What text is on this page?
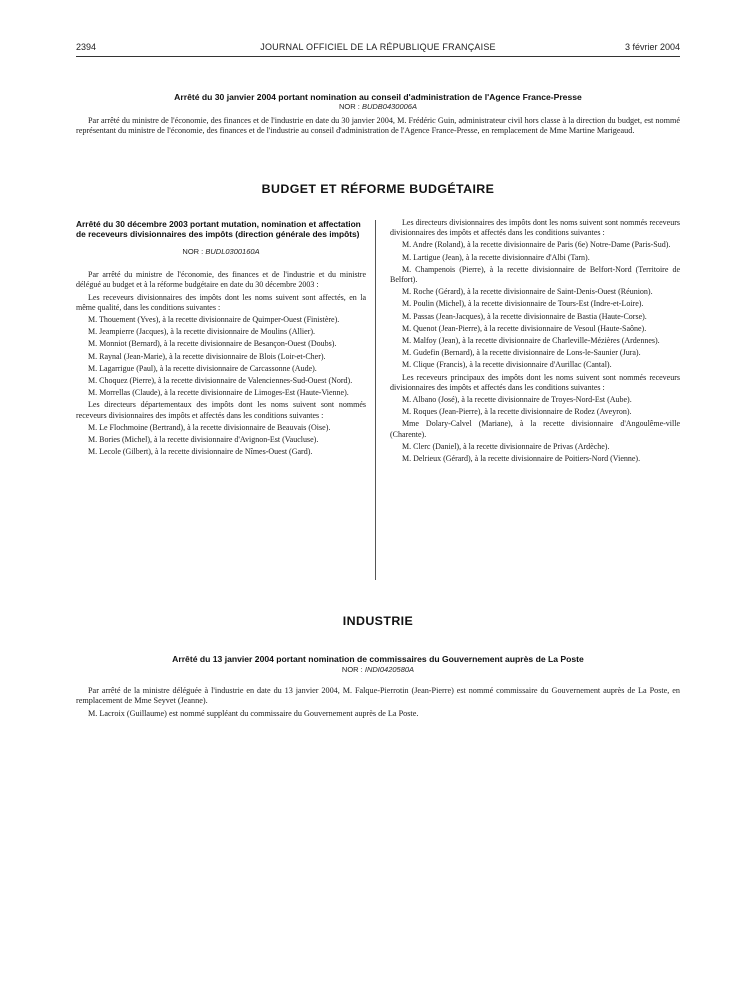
2394	JOURNAL OFFICIEL DE LA RÉPUBLIQUE FRANÇAISE	3 février 2004
Arrêté du 30 janvier 2004 portant nomination au conseil d'administration de l'Agence France-Presse
NOR : BUDB0430006A
Par arrêté du ministre de l'économie, des finances et de l'industrie en date du 30 janvier 2004, M. Frédéric Guin, administrateur civil hors classe à la direction du budget, est nommé représentant du ministre de l'économie, des finances et de l'industrie au conseil d'administration de l'Agence France-Presse, en remplacement de Mme Martine Marigeaud.
BUDGET ET RÉFORME BUDGÉTAIRE
Arrêté du 30 décembre 2003 portant mutation, nomination et affectation de receveurs divisionnaires des impôts (direction générale des impôts)
NOR : BUDL0300160A

Par arrêté du ministre de l'économie, des finances et de l'industrie et du ministre délégué au budget et à la réforme budgétaire en date du 30 décembre 2003 :

Les receveurs divisionnaires des impôts dont les noms suivent sont affectés, en la même qualité, dans les conditions suivantes :

M. Thouement (Yves), à la recette divisionnaire de Quimper-Ouest (Finistère).

M. Jeampierre (Jacques), à la recette divisionnaire de Moulins (Allier).

M. Monniot (Bernard), à la recette divisionnaire de Besançon-Ouest (Doubs).

M. Raynal (Jean-Marie), à la recette divisionnaire de Blois (Loir-et-Cher).

M. Lagarrigue (Paul), à la recette divisionnaire de Carcassonne (Aude).

M. Choquez (Pierre), à la recette divisionnaire de Valenciennes-Sud-Ouest (Nord).

M. Morrellas (Claude), à la recette divisionnaire de Limoges-Est (Haute-Vienne).

Les directeurs départementaux des impôts dont les noms suivent sont nommés receveurs divisionnaires des impôts et affectés dans les conditions suivantes :

M. Le Flochmoine (Bertrand), à la recette divisionnaire de Beauvais (Oise).

M. Bories (Michel), à la recette divisionnaire d'Avignon-Est (Vaucluse).

M. Lecole (Gilbert), à la recette divisionnaire de Nîmes-Ouest (Gard).

Les directeurs divisionnaires des impôts dont les noms suivent sont nommés receveurs divisionnaires des impôts et affectés dans les conditions suivantes :

M. Andre (Roland), à la recette divisionnaire de Paris (6e) Notre-Dame (Paris-Sud).

M. Lartigue (Jean), à la recette divisionnaire d'Albi (Tarn).

M. Champenois (Pierre), à la recette divisionnaire de Belfort-Nord (Territoire de Belfort).

M. Roche (Gérard), à la recette divisionnaire de Saint-Denis-Ouest (Réunion).

M. Poulin (Michel), à la recette divisionnaire de Tours-Est (Indre-et-Loire).

M. Passas (Jean-Jacques), à la recette divisionnaire de Bastia (Haute-Corse).

M. Quenot (Jean-Pierre), à la recette divisionnaire de Vesoul (Haute-Saône).

M. Malfoy (Jean), à la recette divisionnaire de Charleville-Mézières (Ardennes).

M. Gudefin (Bernard), à la recette divisionnaire de Lons-le-Saunier (Jura).

M. Clique (Francis), à la recette divisionnaire d'Aurillac (Cantal).

Les receveurs principaux des impôts dont les noms suivent sont nommés receveurs divisionnaires des impôts et affectés dans les conditions suivantes :

M. Albano (José), à la recette divisionnaire de Troyes-Nord-Est (Aube).

M. Roques (Jean-Pierre), à la recette divisionnaire de Rodez (Aveyron).

Mme Dolary-Calvel (Mariane), à la recette divisionnaire d'Angoulême-ville (Charente).

M. Clerc (Daniel), à la recette divisionnaire de Privas (Ardèche).

M. Delrieux (Gérard), à la recette divisionnaire de Poitiers-Nord (Vienne).

INDUSTRIE
Arrêté du 13 janvier 2004 portant nomination de commissaires du Gouvernement auprès de La Poste
NOR : INDI0420580A

Par arrêté de la ministre déléguée à l'industrie en date du 13 janvier 2004, M. Falque-Pierrotin (Jean-Pierre) est nommé commissaire du Gouvernement auprès de La Poste, en remplacement de Mme Seyvet (Jeanne).

M. Lacroix (Guillaume) est nommé suppléant du commissaire du Gouvernement auprès de La Poste.
